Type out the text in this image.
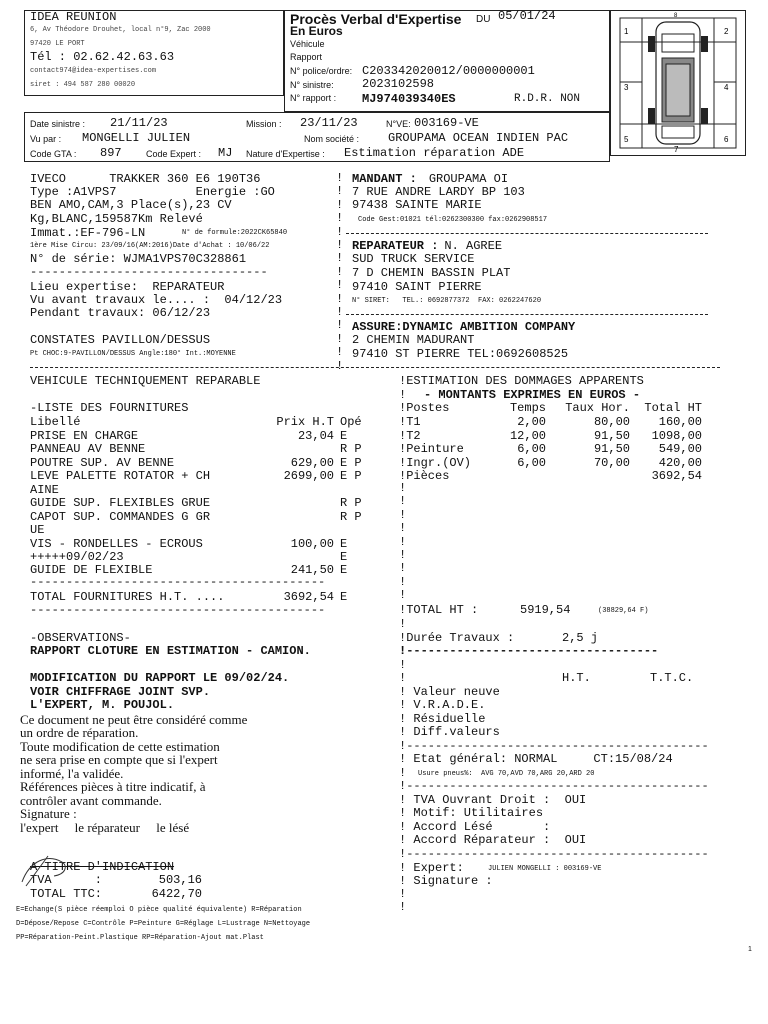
IDEA REUNION
6, Av Théodore Drouhet, local n°9, Zac 2000
97420 LE PORT
Tél : 02.62.42.63.63
contact974@idea-expertises.com
siret : 494 587 280 00020
Procès Verbal d'Expertise DU 05/01/24
En Euros
Véhicule
Rapport
N° police/ordre: C203342020012/0000000001
N° sinistre: 2023102598
N° rapport : MJ974039340ES	R.D.R. NON
1	2
3	4
5	6
7
8
Date sinistre : 21/11/23	Mission : 23/11/23	N°VE: 003169-VE
Vu par : MONGELLI JULIEN	Nom société : GROUPAMA OCEAN INDIEN PAC
Code GTA : 897	Code Expert : MJ Nature d'Expertise : Estimation réparation ADE
IVECO      TRAKKER 360 E6 190T36
Type :A1VPS7           Energie :GO
BEN AMO,CAM,3 Place(s),23 CV
Kg,BLANC,159587Km Relevé
Immat.:EF-796-LN	N° de formule:2022CK65840
1ère Mise Circu: 23/09/16(AM:2016)Date d'Achat : 10/06/22
N° de série: WJMA1VPS70C328861
---------------------------------
Lieu expertise:  REPARATEUR
Vu avant travaux le.... :  04/12/23
Pendant travaux: 06/12/23
CONSTATES PAVILLON/DESSUS
Pt CHOC:9-PAVILLON/DESSUS Angle:180° Int.:MOYENNE
!
!
!
!
!
!
!
!
!
!
!
!
!
!
!
MANDANT : GROUPAMA OI
7 RUE ANDRE LARDY BP 103
97438 SAINTE MARIE
Code Gest:01021 tél:0262300300 fax:0262908517
REPARATEUR : N. AGREE
SUD TRUCK SERVICE
7 D CHEMIN BASSIN PLAT
97410 SAINT PIERRE
N° SIRET:   TEL.: 0692877372  FAX: 0262247620
ASSURE:DYNAMIC AMBITION COMPANY
2 CHEMIN MADURANT
97410 ST PIERRE TEL:0692608525
VEHICULE TECHNIQUEMENT REPARABLE
-LISTE DES FOURNITURES
Libellé	Prix H.T Opé
PRISE EN CHARGE	23,04 E
PANNEAU AV BENNE	R P
POUTRE SUP. AV BENNE	629,00 E P
LEVE PALETTE ROTATOR + CH	2699,00 E P
AINE
GUIDE SUP. FLEXIBLES GRUE	R P
CAPOT SUP. COMMANDES G GR	R P
UE
VIS - RONDELLES - ECROUS	100,00 E
+++++09/02/23	E
GUIDE DE FLEXIBLE	241,50 E
-----------------------------------------
TOTAL FOURNITURES H.T. ....	3692,54 E
-----------------------------------------
!ESTIMATION DES DOMMAGES APPARENTS
! - MONTANTS EXPRIMES EN EUROS -
!Postes	Temps	Taux Hor.	Total HT
!T1	2,00	80,00	160,00
!T2	12,00	91,50	1098,00
!Peinture	6,00	91,50	549,00
!Ingr.(OV)	6,00	70,00	420,00
!Pièces	3692,54
!
!
!
!
!
!
!
!
!
!TOTAL HT :	5919,54	(38829,64 F)
!
!Durée Travaux :	2,5 j
!-----------------------------------
!
!	H.T.	T.T.C.
! Valeur neuve
! V.R.A.D.E.
! Résiduelle
! Diff.valeurs
!------------------------------------------
! Etat général: NORMAL     CT:15/08/24
! Usure pneus%:  AVG 70,AVD 70,ARG 20,ARD 20
!------------------------------------------
! TVA Ouvrant Droit :  OUI
! Motif: Utilitaires
! Accord Lésé       :
! Accord Réparateur :  OUI
!------------------------------------------
! Expert:	JULIEN MONGELLI : 003169-VE
! Signature :
!
!
-OBSERVATIONS-
RAPPORT CLOTURE EN ESTIMATION - CAMION.
MODIFICATION DU RAPPORT LE 09/02/24.
VOIR CHIFFRAGE JOINT SVP.
L'EXPERT, M. POUJOL.
Ce document ne peut être considéré comme
un ordre de réparation.
Toute modification de cette estimation
ne sera prise en compte que si l'expert
informé, l'a validée.
Références pièces à titre indicatif, à
contrôler avant commande.
Signature :
l'expert     le réparateur     le lésé
A TITRE D'INDICATION
TVA      :	503,16
TOTAL TTC:	6422,70
E=Echange(S pièce réemploi O pièce qualité équivalente) R=Réparation
D=Dépose/Repose C=Contrôle P=Peinture G=Réglage L=Lustrage N=Nettoyage
PP=Réparation-Peint.Plastique RP=Réparation-Ajout mat.Plast
1
